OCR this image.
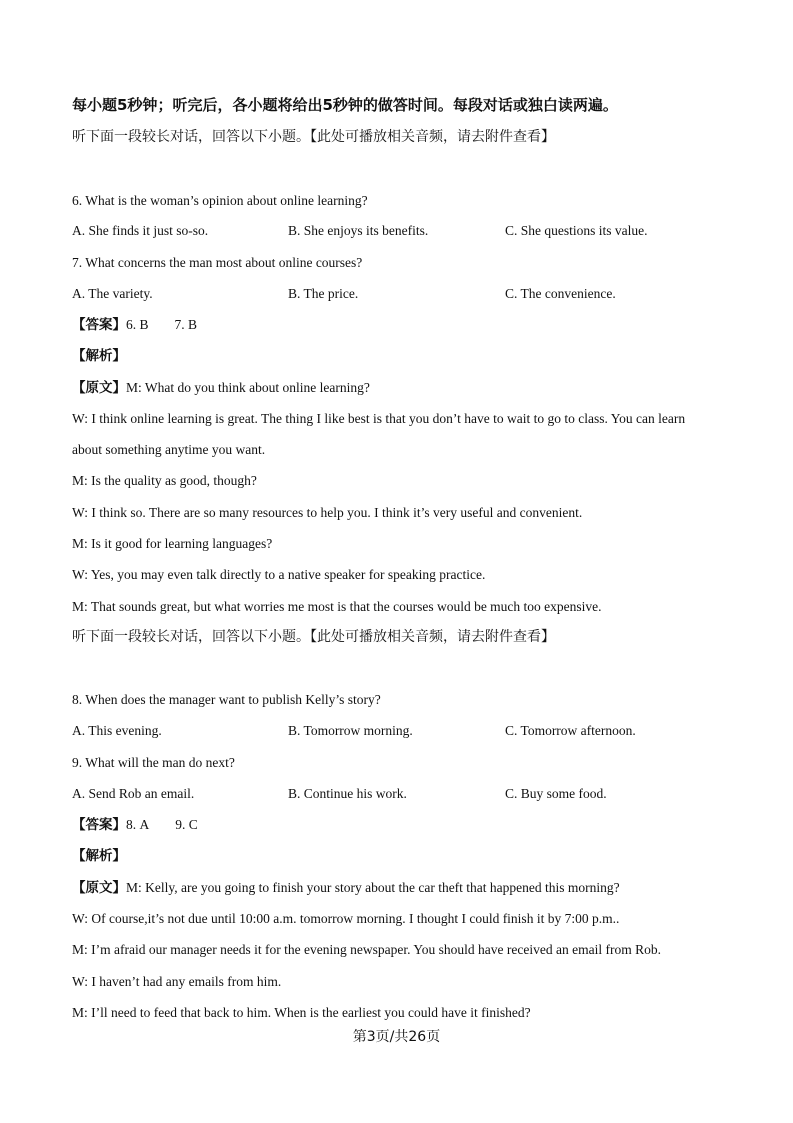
每小题5秒钟；听完后，各小题将给出5秒钟的做答时间。每段对话或独白读两遍。
听下面一段较长对话，回答以下小题。【此处可播放相关音频，请去附件查看】
6. What is the woman’s opinion about online learning?
A. She finds it just so-so.	B. She enjoys its benefits.	C. She questions its value.
7. What concerns the man most about online courses?
A. The variety.	B. The price.	C. The convenience.
【答案】6. B 7. B
【解析】
【原文】M: What do you think about online learning?
W: I think online learning is great. The thing I like best is that you don’t have to wait to go to class. You can learn
about something anytime you want.
M: Is the quality as good, though?
W: I think so. There are so many resources to help you. I think it’s very useful and convenient.
M: Is it good for learning languages?
W: Yes, you may even talk directly to a native speaker for speaking practice.
M: That sounds great, but what worries me most is that the courses would be much too expensive.
听下面一段较长对话，回答以下小题。【此处可播放相关音频，请去附件查看】
8. When does the manager want to publish Kelly’s story?
A. This evening.	B. Tomorrow morning.	C. Tomorrow afternoon.
9. What will the man do next?
A. Send Rob an email.	B. Continue his work.	C. Buy some food.
【答案】8. A 9. C
【解析】
【原文】M: Kelly, are you going to finish your story about the car theft that happened this morning?
W: Of course,it’s not due until 10:00 a.m. tomorrow morning. I thought I could finish it by 7:00 p.m..
M: I’m afraid our manager needs it for the evening newspaper. You should have received an email from Rob.
W: I haven’t had any emails from him.
M: I’ll need to feed that back to him. When is the earliest you could have it finished?
第3页/共26页
